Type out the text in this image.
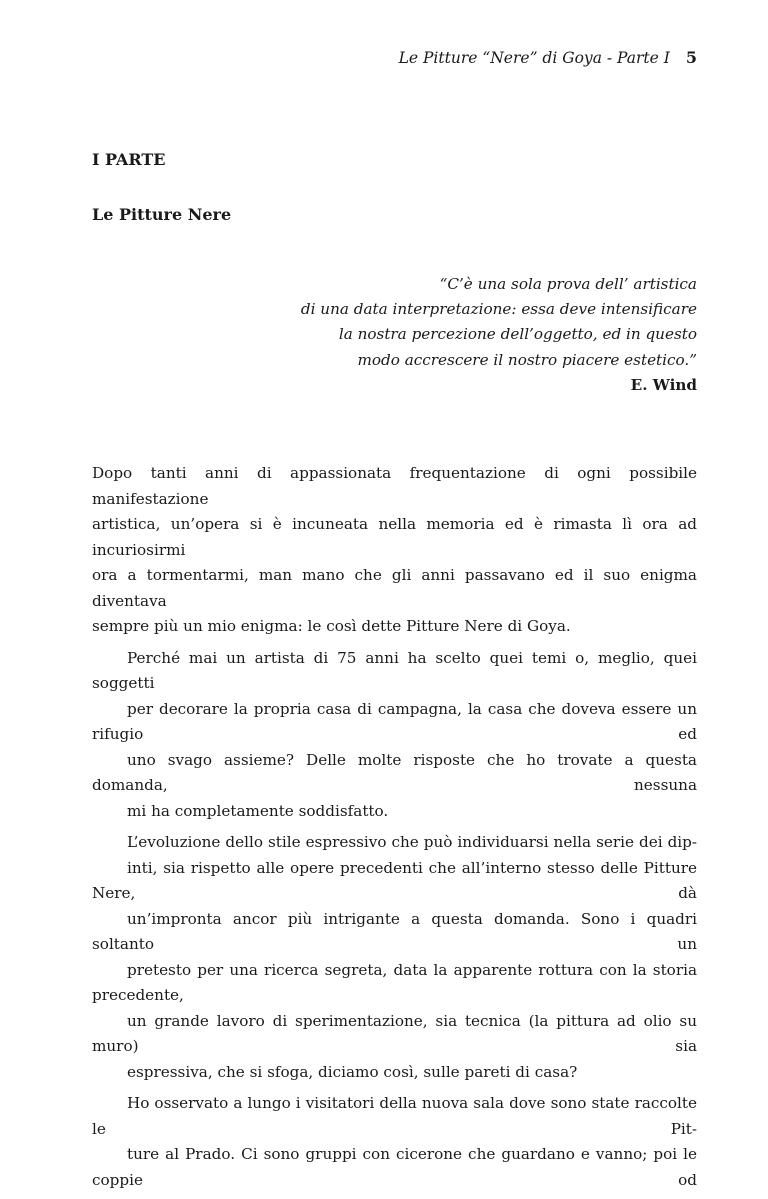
Le Pitture “Nere” di Goya - Parte I 5
I PARTE
Le Pitture Nere
“C’è una sola prova dell’ artistica
di una data interpretazione: essa deve intensificare
la nostra percezione dell’oggetto, ed in questo
modo accrescere il nostro piacere estetico.”
E. Wind

Dopo tanti anni di appassionata frequentazione di ogni possibile manifestazione
artistica, un’opera si è incuneata nella memoria ed è rimasta lì ora ad incuriosirmi
ora a tormentarmi, man mano che gli anni passavano ed il suo enigma diventava
sempre più un mio enigma: le così dette Pitture Nere di Goya.

Perché mai un artista di 75 anni ha scelto quei temi o, meglio, quei soggetti
per decorare la propria casa di campagna, la casa che doveva essere un rifugio ed
uno svago assieme? Delle molte risposte che ho trovate a questa domanda, nessuna
mi ha completamente soddisfatto.

L’evoluzione dello stile espressivo che può individuarsi nella serie dei dip-
inti, sia rispetto alle opere precedenti che all’interno stesso delle Pitture Nere, dà
un’impronta ancor più intrigante a questa domanda. Sono i quadri soltanto un
pretesto per una ricerca segreta, data la apparente rottura con la storia precedente,
un grande lavoro di sperimentazione, sia tecnica (la pittura ad olio su muro) sia
espressiva, che si sfoga, diciamo così, sulle pareti di casa?

Ho osservato a lungo i visitatori della nuova sala dove sono state raccolte le Pit-
ture al Prado. Ci sono gruppi con cicerone che guardano e vanno; poi le coppie od
